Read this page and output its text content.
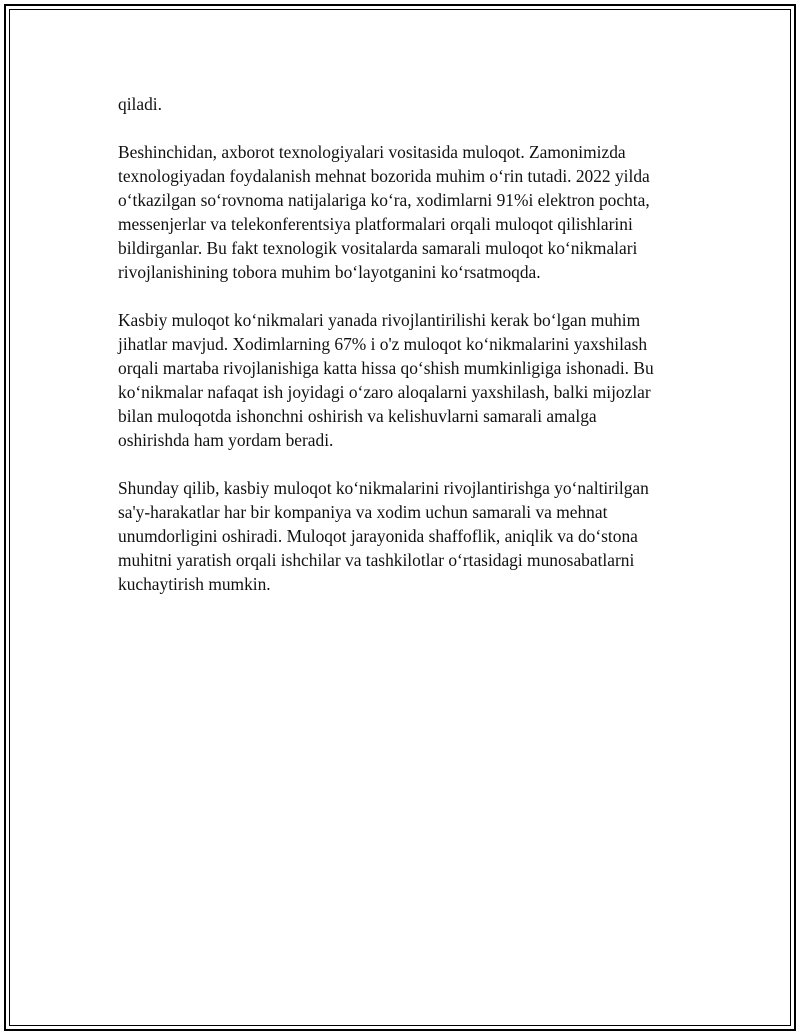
qiladi.

Beshinchidan, axborot texnologiyalari vositasida muloqot. Zamonimizda
texnologiyadan foydalanish mehnat bozorida muhim o‘rin tutadi. 2022 yilda
o‘tkazilgan so‘rovnoma natijalariga ko‘ra, xodimlarni 91%i elektron pochta,
messenjerlar va telekonferentsiya platformalari orqali muloqot qilishlarini
bildirganlar. Bu fakt texnologik vositalarda samarali muloqot ko‘nikmalari
rivojlanishining tobora muhim bo‘layotganini ko‘rsatmoqda.

Kasbiy muloqot ko‘nikmalari yanada rivojlantirilishi kerak bo‘lgan muhim
jihatlar mavjud. Xodimlarning 67% i o'z muloqot ko‘nikmalarini yaxshilash
orqali martaba rivojlanishiga katta hissa qo‘shish mumkinligiga ishonadi. Bu
ko‘nikmalar nafaqat ish joyidagi o‘zaro aloqalarni yaxshilash, balki mijozlar
bilan muloqotda ishonchni oshirish va kelishuvlarni samarali amalga
oshirishda ham yordam beradi.

Shunday qilib, kasbiy muloqot ko‘nikmalarini rivojlantirishga yo‘naltirilgan
sa'y-harakatlar har bir kompaniya va xodim uchun samarali va mehnat
unumdorligini oshiradi. Muloqot jarayonida shaffoflik, aniqlik va do‘stona
muhitni yaratish orqali ishchilar va tashkilotlar o‘rtasidagi munosabatlarni
kuchaytirish mumkin.
